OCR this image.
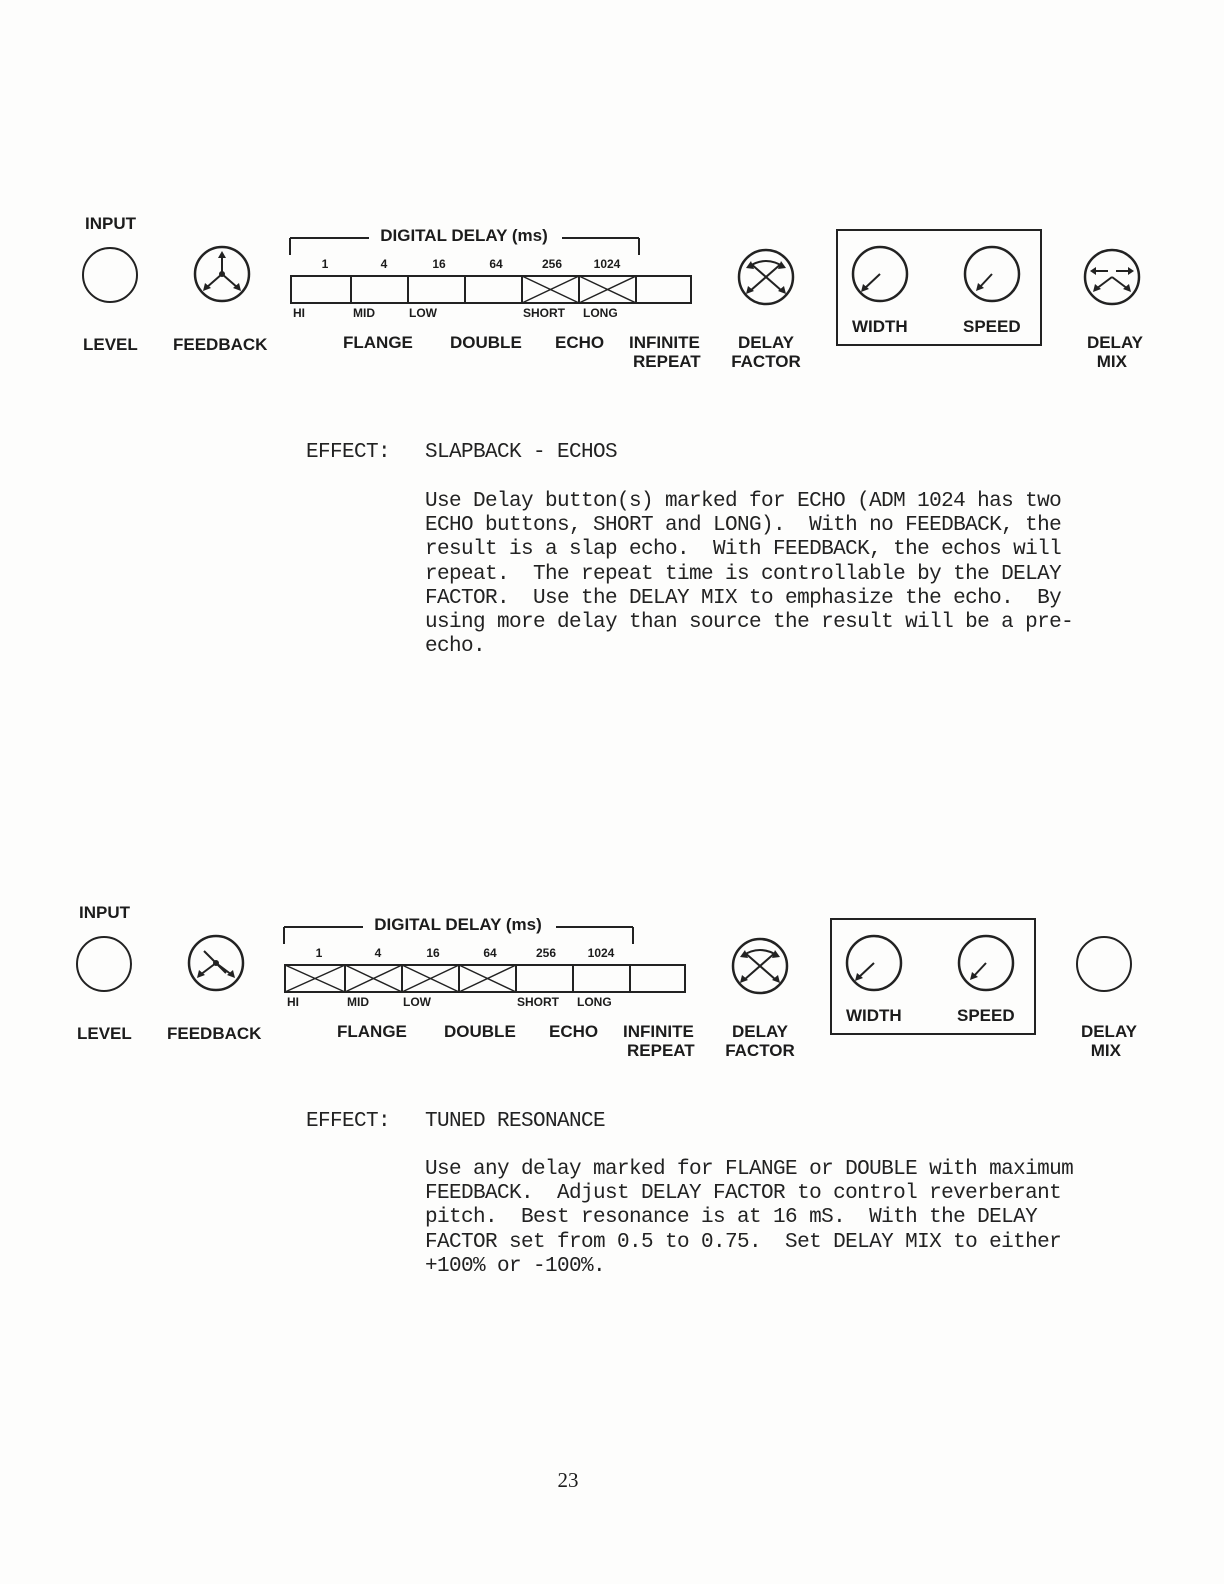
INPUT
LEVEL FEEDBACK
DIGITAL DELAY (ms)
1	4	16	64	256	1024
HI	MID	LOW	SHORT LONG
FLANGE DOUBLE ECHO INFINITE
REPEAT
DELAY
FACTOR
WIDTH	SPEED
DELAY
MIX
EFFECT: SLAPBACK - ECHOS
Use Delay button(s) marked for ECHO (ADM 1024 has two
ECHO buttons, SHORT and LONG).  With no FEEDBACK, the
result is a slap echo.  With FEEDBACK, the echos will
repeat.  The repeat time is controllable by the DELAY
FACTOR.  Use the DELAY MIX to emphasize the echo.  By
using more delay than source the result will be a pre-
echo.
INPUT
LEVEL FEEDBACK
DIGITAL DELAY (ms)
1	4	16	64	256	1024
HI	MID	LOW	SHORT LONG
FLANGE DOUBLE ECHO INFINITE
REPEAT
DELAY
FACTOR
WIDTH	SPEED
DELAY
MIX
EFFECT: TUNED RESONANCE
Use any delay marked for FLANGE or DOUBLE with maximum
FEEDBACK.  Adjust DELAY FACTOR to control reverberant
pitch.  Best resonance is at 16 mS.  With the DELAY
FACTOR set from 0.5 to 0.75.  Set DELAY MIX to either
+100% or -100%.
23
